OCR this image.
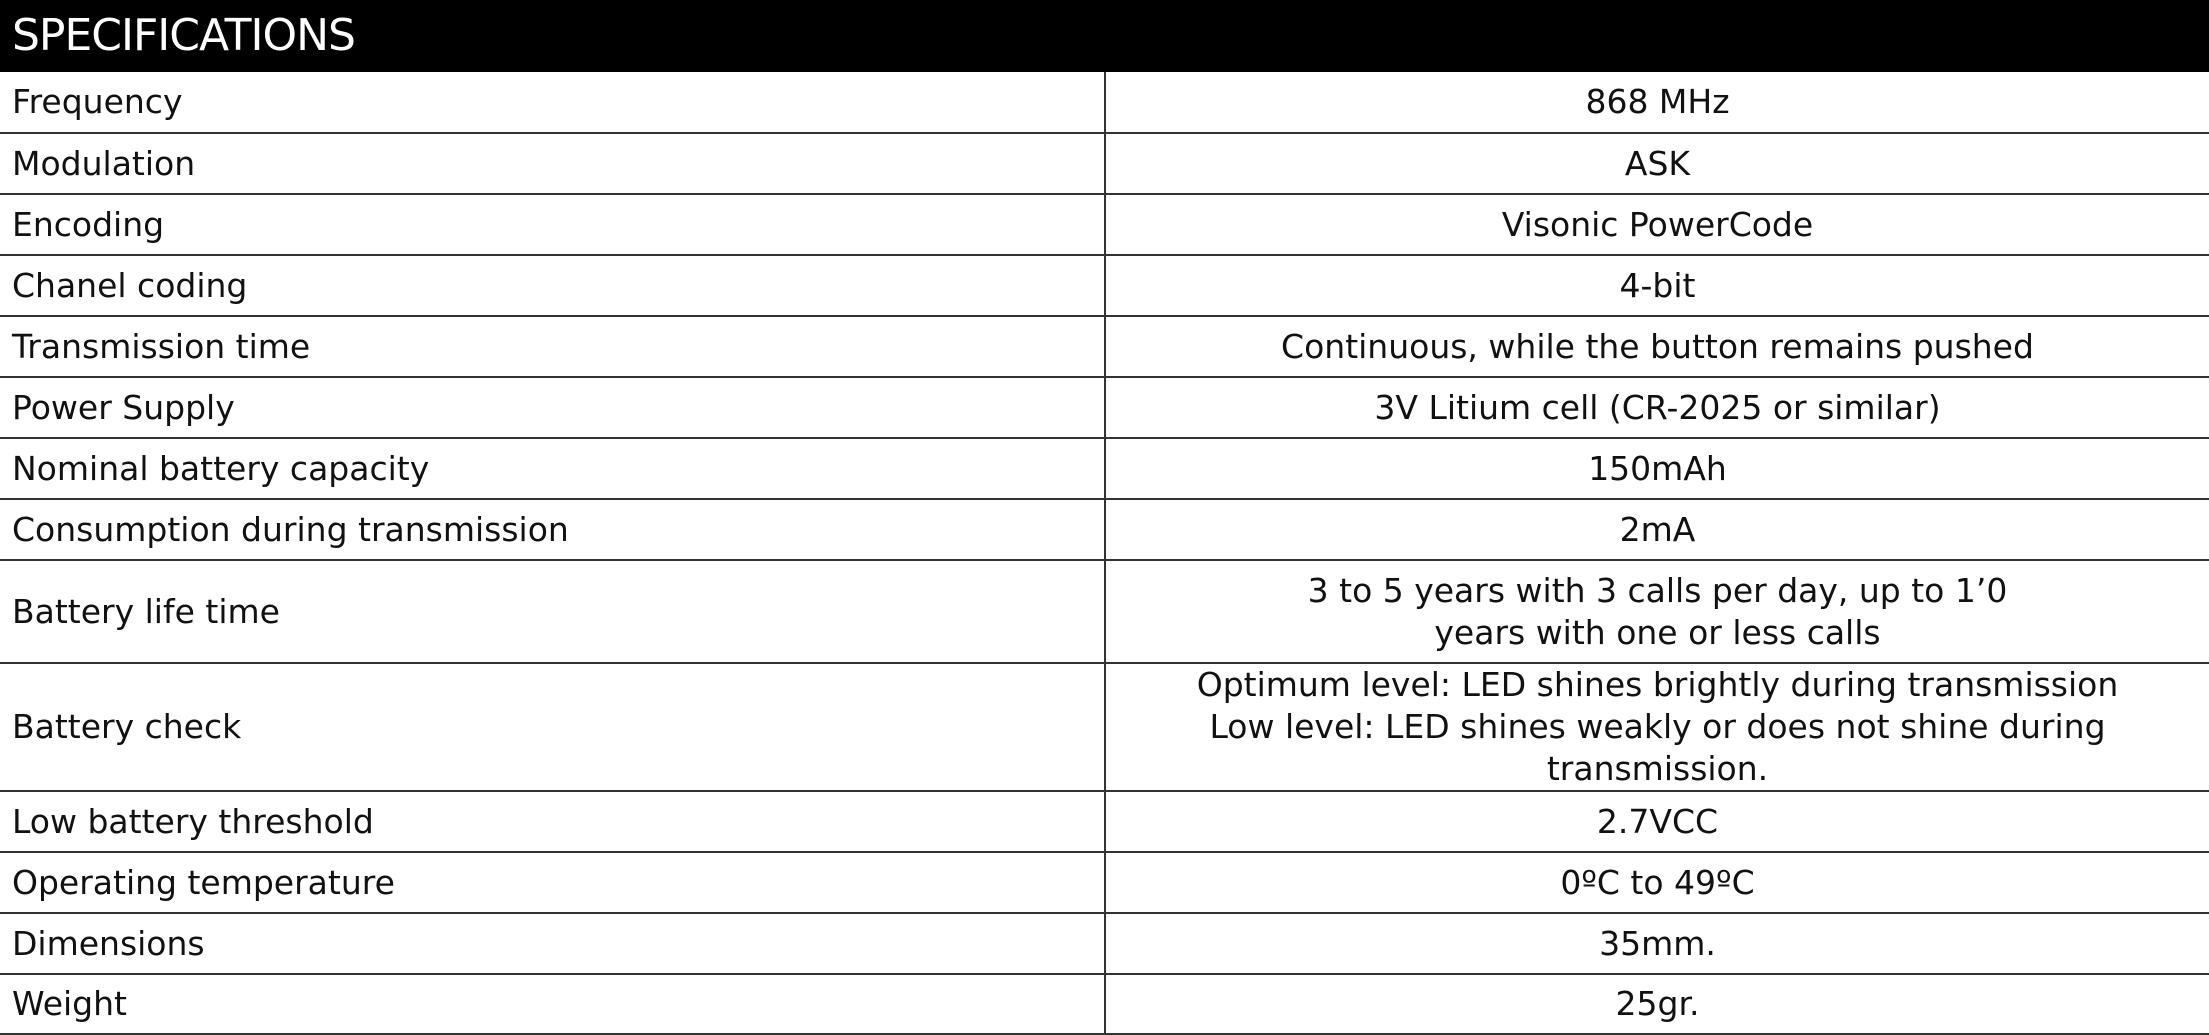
SPECIFICATIONS
Frequency	868 MHz

Modulation	ASK

Encoding	Visonic PowerCode

Chanel coding	4-bit

Transmission time	Continuous, while the button remains pushed

Power Supply	3V Litium cell (CR-2025 or similar)

Nominal battery capacity	150mAh

Consumption during transmission	2mA

Battery life time	3 to 5 years with 3 calls per day, up to 1’0
years with one or less calls

Battery check	Optimum level: LED shines brightly during transmission
Low level: LED shines weakly or does not shine during transmission.

Low battery threshold	2.7VCC

Operating temperature	0ºC to 49ºC

Dimensions	35mm.

Weight	25gr.
